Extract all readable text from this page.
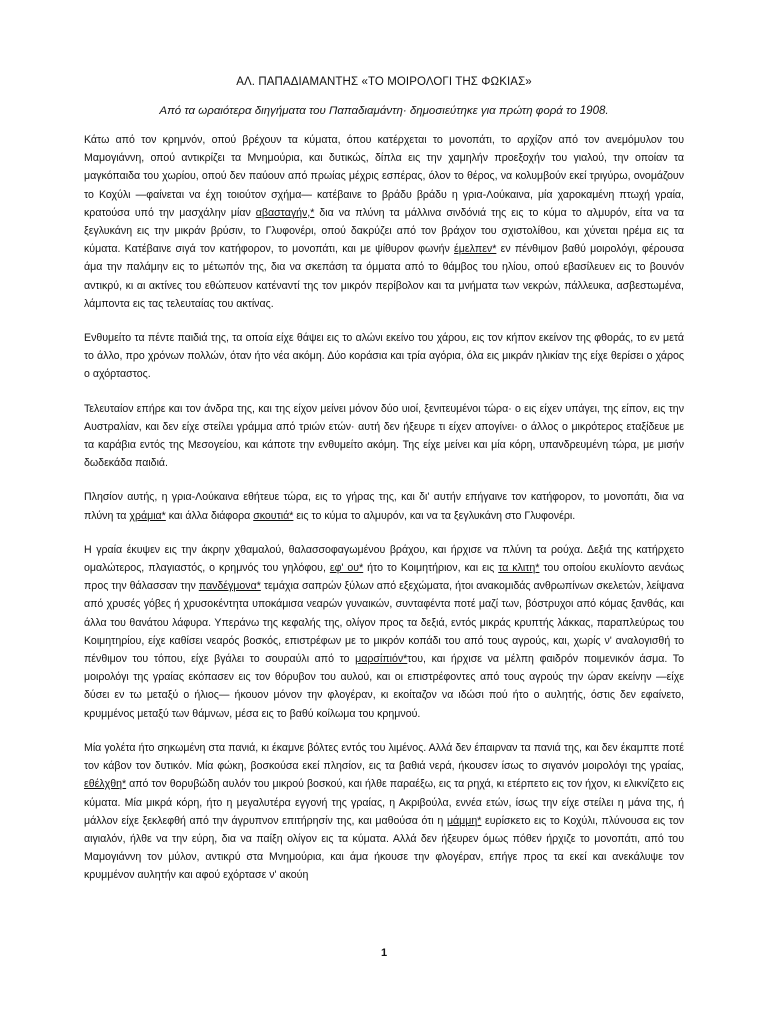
ΑΛ. ΠΑΠΑΔΙΑΜΑΝΤΗΣ «ΤΟ ΜΟΙΡΟΛΟΓΙ ΤΗΣ ΦΩΚΙΑΣ»
Από τα ωραιότερα διηγήματα του Παπαδιαμάντη· δημοσιεύτηκε για πρώτη φορά το 1908.

Κάτω από τον κρημνόν, οπού βρέχουν τα κύματα, όπου κατέρχεται το μονοπάτι, το αρχίζον από τον ανεμόμυλον του Μαμογιάννη, οπού αντικρίζει τα Μνημούρια, και δυτικώς, δίπλα εις την χαμηλήν προεξοχήν του γιαλού, την οποίαν τα μαγκόπαιδα του χωρίου, οπού δεν παύουν από πρωίας μέχρις εσπέρας, όλον το θέρος, να κολυμβούν εκεί τριγύρω, ονομάζουν το Κοχύλι —φαίνεται να έχη τοιούτον σχήμα— κατέβαινε το βράδυ βράδυ η γρια-Λούκαινα, μία χαροκαμένη πτωχή γραία, κρατούσα υπό την μασχάλην μίαν αβασταγήν,* δια να πλύνη τα μάλλινα σινδόνιά της εις το κύμα το αλμυρόν, είτα να τα ξεγλυκάνη εις την μικράν βρύσιν, το Γλυφονέρι, οπού δακρύζει από τον βράχον του σχιστολίθου, και χύνεται ηρέμα εις τα κύματα. Κατέβαινε σιγά τον κατήφορον, το μονοπάτι, και με ψίθυρον φωνήν έμελπεν* εν πένθιμον βαθύ μοιρολόγι, φέρουσα άμα την παλάμην εις το μέτωπόν της, δια να σκεπάση τα όμματα από το θάμβος του ηλίου, οπού εβασίλευεν εις το βουνόν αντικρύ, κι αι ακτίνες του εθώπευον κατέναντί της τον μικρόν περίβολον και τα μνήματα των νεκρών, πάλλευκα, ασβεστωμένα, λάμποντα εις τας τελευταίας του ακτίνας.

Ενθυμείτο τα πέντε παιδιά της, τα οποία είχε θάψει εις το αλώνι εκείνο του χάρου, εις τον κήπον εκείνον της φθοράς, το εν μετά το άλλο, προ χρόνων πολλών, όταν ήτο νέα ακόμη. Δύο κοράσια και τρία αγόρια, όλα εις μικράν ηλικίαν της είχε θερίσει ο χάρος ο αχόρταστος.

Τελευταίον επήρε και τον άνδρα της, και της είχον μείνει μόνον δύο υιοί, ξενιτευμένοι τώρα· ο εις είχεν υπάγει, της είπον, εις την Αυστραλίαν, και δεν είχε στείλει γράμμα από τριών ετών· αυτή δεν ήξευρε τι είχεν απογίνει· ο άλλος ο μικρότερος εταξίδευε με τα καράβια εντός της Μεσογείου, και κάποτε την ενθυμείτο ακόμη. Της είχε μείνει και μία κόρη, υπανδρευμένη τώρα, με μισήν δωδεκάδα παιδιά.

Πλησίον αυτής, η γρια-Λούκαινα εθήτευε τώρα, εις το γήρας της, και δι' αυτήν επήγαινε τον κατήφορον, το μονοπάτι, δια να πλύνη τα χράμια* και άλλα διάφορα σκουτιά* εις το κύμα το αλμυρόν, και να τα ξεγλυκάνη στο Γλυφονέρι.

Η γραία έκυψεν εις την άκρην χθαμαλού, θαλασσοφαγωμένου βράχου, και ήρχισε να πλύνη τα ρούχα. Δεξιά της κατήρχετο ομαλώτερος, πλαγιαστός, ο κρημνός του γηλόφου, εφ' ου* ήτο το Κοιμητήριον, και εις τα κλιτη* του οποίου εκυλίοντο αενάως προς την θάλασσαν την πανδέγμονα* τεμάχια σαπρών ξύλων από εξεχώματα, ήτοι ανακομιδάς ανθρωπίνων σκελετών, λείψανα από χρυσές γόβες ή χρυσοκέντητα υποκάμισα νεαρών γυναικών, συνταφέντα ποτέ μαζί των, βόστρυχοι από κόμας ξανθάς, και άλλα του θανάτου λάφυρα. Υπεράνω της κεφαλής της, ολίγον προς τα δεξιά, εντός μικράς κρυπτής λάκκας, παραπλεύρως του Κοιμητηρίου, είχε καθίσει νεαρός βοσκός, επιστρέφων με το μικρόν κοπάδι του από τους αγρούς, και, χωρίς ν' αναλογισθή το πένθιμον του τόπου, είχε βγάλει το σουραύλι από το μαρσίπιόν*του, και ήρχισε να μέλπη φαιδρόν ποιμενικόν άσμα. Το μοιρολόγι της γραίας εκόπασεν εις τον θόρυβον του αυλού, και οι επιστρέφοντες από τους αγρούς την ώραν εκείνην —είχε δύσει εν τω μεταξύ ο ήλιος— ήκουον μόνον την φλογέραν, κι εκοίταζον να ιδώσι πού ήτο ο αυλητής, όστις δεν εφαίνετο, κρυμμένος μεταξύ των θάμνων, μέσα εις το βαθύ κοίλωμα του κρημνού.

Μία γολέτα ήτο σηκωμένη στα πανιά, κι έκαμνε βόλτες εντός του λιμένος. Αλλά δεν έπαιρναν τα πανιά της, και δεν έκαμπτε ποτέ τον κάβον τον δυτικόν. Μία φώκη, βοσκούσα εκεί πλησίον, εις τα βαθιά νερά, ήκουσεν ίσως το σιγανόν μοιρολόγι της γραίας, εθέλχθη* από τον θορυβώδη αυλόν του μικρού βοσκού, και ήλθε παραέξω, εις τα ρηχά, κι ετέρπετο εις τον ήχον, κι ελικνίζετο εις κύματα. Μία μικρά κόρη, ήτο η μεγαλυτέρα εγγονή της γραίας, η Ακριβούλα, εννέα ετών, ίσως την είχε στείλει η μάνα της, ή μάλλον είχε ξεκλεφθή από την άγρυπνον επιτήρησίν της, και μαθούσα ότι η μάμμη* ευρίσκετο εις το Κοχύλι, πλύνουσα εις τον αιγιαλόν, ήλθε να την εύρη, δια να παίξη ολίγον εις τα κύματα. Αλλά δεν ήξευρεν όμως πόθεν ήρχιζε το μονοπάτι, από του Μαμογιάννη τον μύλον, αντικρύ στα Μνημούρια, και άμα ήκουσε την φλογέραν, επήγε προς τα εκεί και ανεκάλυψε τον κρυμμένον αυλητήν και αφού εχόρτασε ν' ακούη

1
